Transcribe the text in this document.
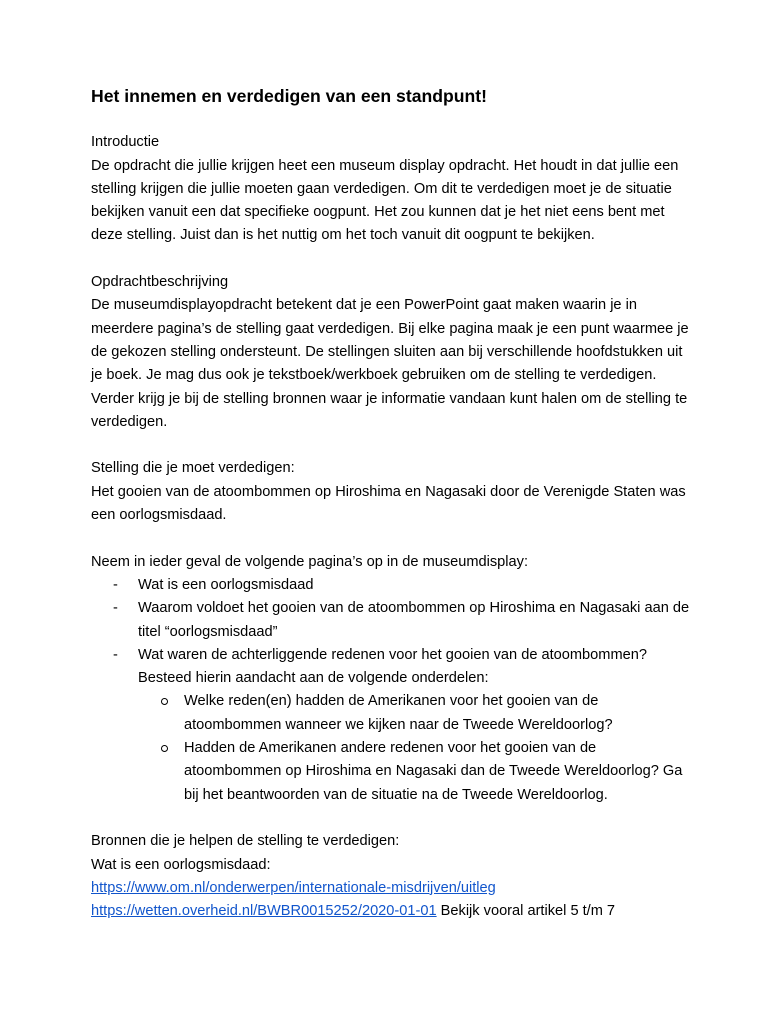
Het innemen en verdedigen van een standpunt!

Introductie

De opdracht die jullie krijgen heet een museum display opdracht. Het houdt in dat jullie een stelling krijgen die jullie moeten gaan verdedigen. Om dit te verdedigen moet je de situatie bekijken vanuit een dat specifieke oogpunt. Het zou kunnen dat je het niet eens bent met deze stelling. Juist dan is het nuttig om het toch vanuit dit oogpunt te bekijken.

Opdrachtbeschrijving

De museumdisplayopdracht betekent dat je een PowerPoint gaat maken waarin je in meerdere pagina’s de stelling gaat verdedigen. Bij elke pagina maak je een punt waarmee je de gekozen stelling ondersteunt. De stellingen sluiten aan bij verschillende hoofdstukken uit je boek. Je mag dus ook je tekstboek/werkboek gebruiken om de stelling te verdedigen. Verder krijg je bij de stelling bronnen waar je informatie vandaan kunt halen om de stelling te verdedigen.

Stelling die je moet verdedigen:

Het gooien van de atoombommen op Hiroshima en Nagasaki door de Verenigde Staten was een oorlogsmisdaad.

Neem in ieder geval de volgende pagina’s op in de museumdisplay:

- Wat is een oorlogsmisdaad
- Waarom voldoet het gooien van de atoombommen op Hiroshima en Nagasaki aan de titel “oorlogsmisdaad”
- Wat waren de achterliggende redenen voor het gooien van de atoombommen? Besteed hierin aandacht aan de volgende onderdelen:
Welke reden(en) hadden de Amerikanen voor het gooien van de atoombommen wanneer we kijken naar de Tweede Wereldoorlog?
Hadden de Amerikanen andere redenen voor het gooien van de atoombommen op Hiroshima en Nagasaki dan de Tweede Wereldoorlog? Ga bij het beantwoorden van de situatie na de Tweede Wereldoorlog.

Bronnen die je helpen de stelling te verdedigen:

Wat is een oorlogsmisdaad:

https://www.om.nl/onderwerpen/internationale-misdrijven/uitleg

https://wetten.overheid.nl/BWBR0015252/2020-01-01 Bekijk vooral artikel 5 t/m 7
